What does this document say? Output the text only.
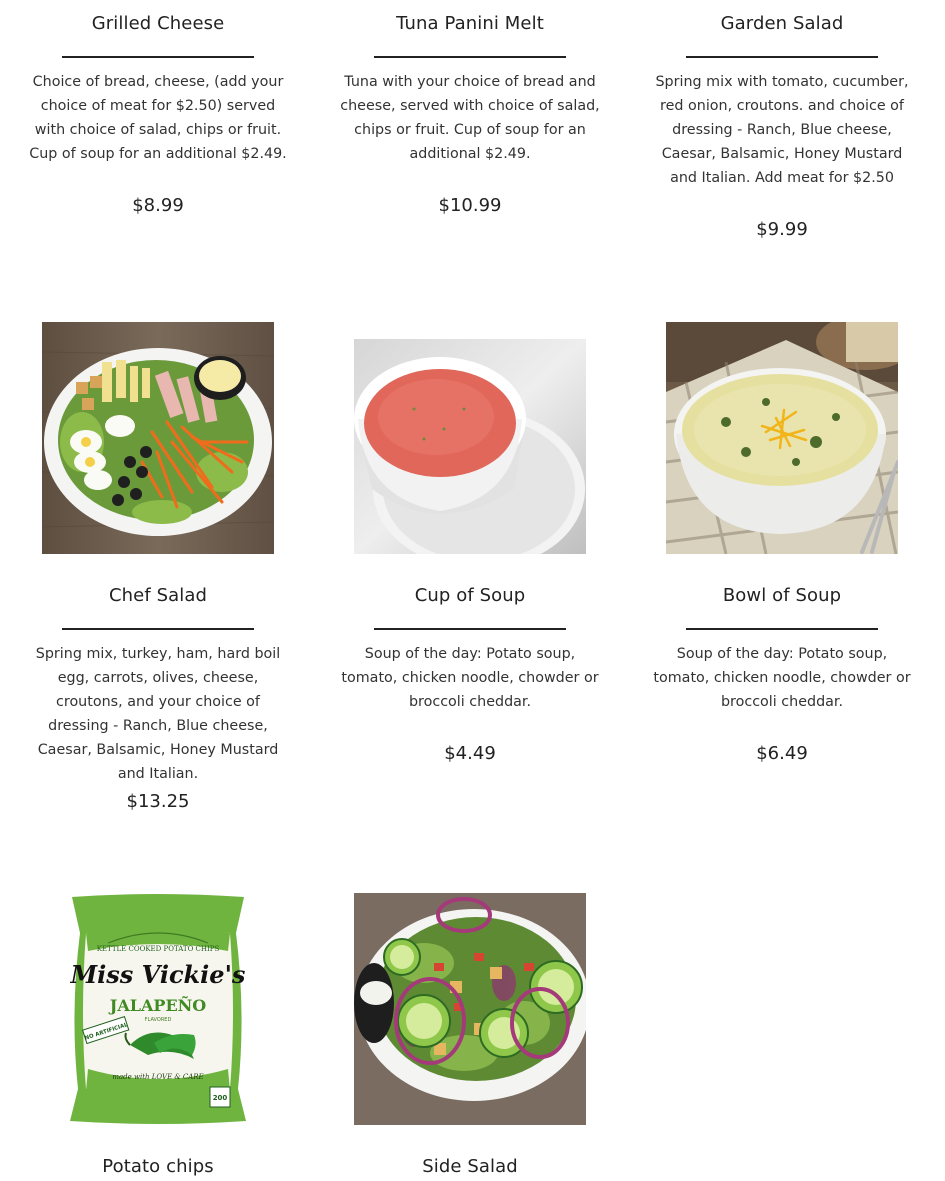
Grilled Cheese
Choice of bread, cheese, (add your choice of meat for $2.50) served with choice of salad, chips or fruit. Cup of soup for an additional $2.49.
$8.99
Tuna Panini Melt
Tuna with your choice of bread and cheese, served with choice of salad, chips or fruit. Cup of soup for an additional $2.49.
$10.99
Garden Salad
Spring mix with tomato, cucumber, red onion, croutons. and choice of dressing - Ranch, Blue cheese, Caesar, Balsamic, Honey Mustard and Italian. Add meat for $2.50
$9.99
Chef Salad
Spring mix, turkey, ham, hard boil egg, carrots, olives, cheese, croutons, and your choice of dressing - Ranch, Blue cheese, Caesar, Balsamic, Honey Mustard and Italian.
$13.25
Cup of Soup
Soup of the day: Potato soup, tomato, chicken noodle, chowder or broccoli cheddar.
$4.49
Bowl of Soup
Soup of the day: Potato soup, tomato, chicken noodle, chowder or broccoli cheddar.
$6.49
KETTLE COOKED POTATO CHIPS
Miss Vickie's
JALAPEÑO
FLAVORED
NO ARTIFICIAL
made with LOVE & CARE
200
Potato chips	Side Salad
